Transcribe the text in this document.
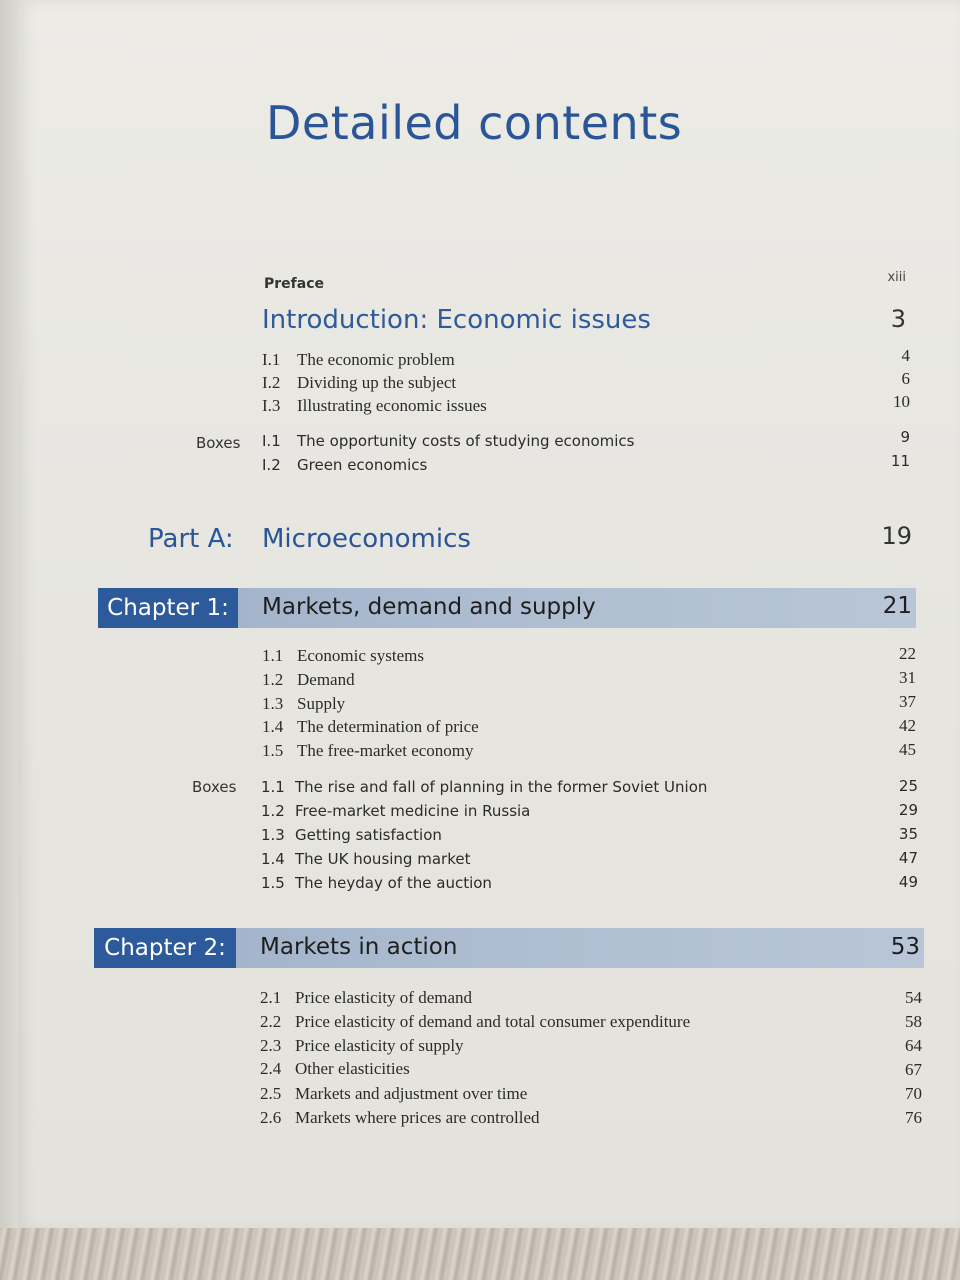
Detailed contents
Preface	xiii
Introduction: Economic issues	3
I.1 The economic problem	4
I.2 Dividing up the subject	6
I.3 Illustrating economic issues	10
Boxes I.1 The opportunity costs of studying economics	9
I.2 Green economics	11
Part A: Microeconomics	19
Chapter 1:	Markets, demand and supply	21
1.1 Economic systems	22
1.2 Demand	31
1.3 Supply	37
1.4 The determination of price	42
1.5 The free-market economy	45
Boxes 1.1 The rise and fall of planning in the former Soviet Union	25
1.2 Free-market medicine in Russia	29
1.3 Getting satisfaction	35
1.4 The UK housing market	47
1.5 The heyday of the auction	49
Chapter 2:	Markets in action	53
2.1 Price elasticity of demand	54
2.2 Price elasticity of demand and total consumer expenditure	58
2.3 Price elasticity of supply	64
2.4 Other elasticities	67
2.5 Markets and adjustment over time	70
2.6 Markets where prices are controlled	76
